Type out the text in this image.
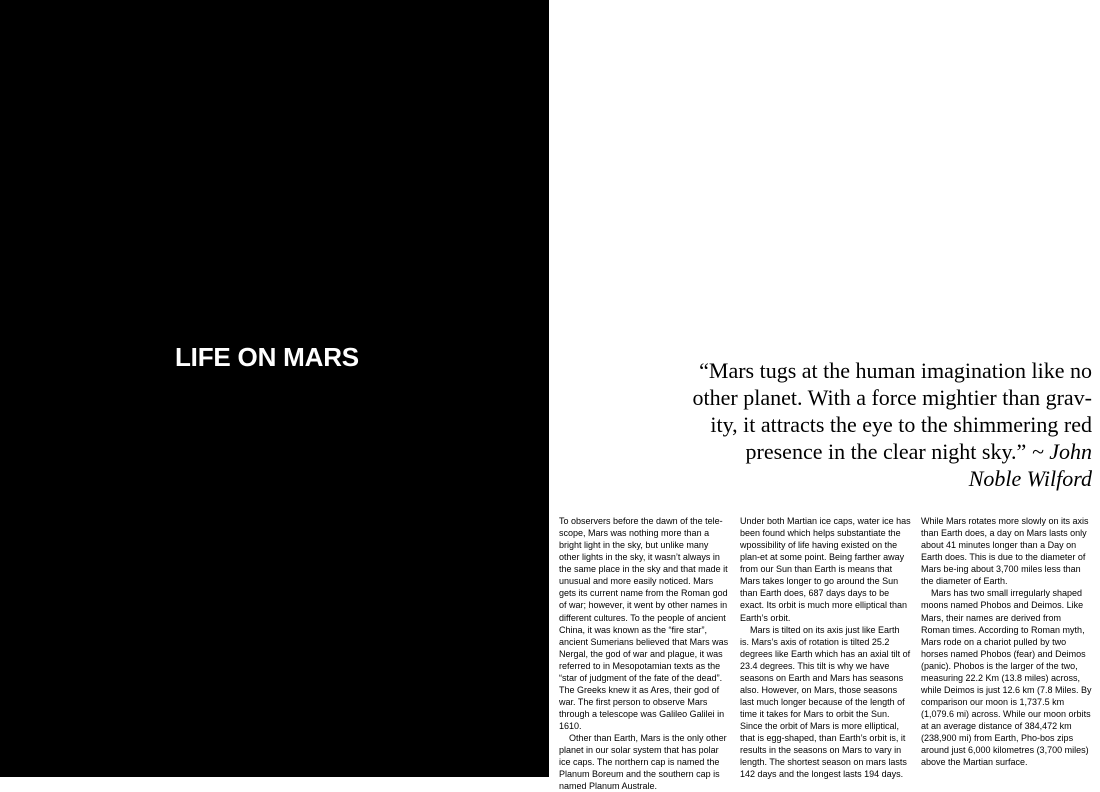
LIFE ON MARS	“Mars tugs at the human imagination like no other planet. With a force mightier than grav-ity, it attracts the eye to the shimmering red presence in the clear night sky.” ~ John Noble Wilford

To observers before the dawn of the tele-scope, Mars was nothing more than a bright light in the sky, but unlike many other lights in the sky, it wasn’t always in the same place in the sky and that made it unusual and more easily noticed. Mars gets its current name from the Roman god of war; however, it went by other names in different cultures. To the people of ancient China, it was known as the “fire star”, ancient Sumerians believed that Mars was Nergal, the god of war and plague, it was referred to in Mesopotamian texts as the “star of judgment of the fate of the dead”. The Greeks knew it as Ares, their god of war. The first person to observe Mars through a telescope was Galileo Galilei in 1610.

Other than Earth, Mars is the only other planet in our solar system that has polar ice caps. The northern cap is named the Planum Boreum and the southern cap is named Planum Australe.

Under both Martian ice caps, water ice has been found which helps substantiate the wpossibility of life having existed on the plan-et at some point. Being farther away from our Sun than Earth is means that Mars takes longer to go around the Sun than Earth does, 687 days days to be exact. Its orbit is much more elliptical than Earth’s orbit.

Mars is tilted on its axis just like Earth is. Mars’s axis of rotation is tilted 25.2 degrees like Earth which has an axial tilt of 23.4 degrees. This tilt is why we have seasons on Earth and Mars has seasons also. However, on Mars, those seasons last much longer because of the length of time it takes for Mars to orbit the Sun. Since the orbit of Mars is more elliptical, that is egg-shaped, than Earth’s orbit is, it results in the seasons on Mars to vary in length. The shortest season on mars lasts 142 days and the longest lasts 194 days.

While Mars rotates more slowly on its axis than Earth does, a day on Mars lasts only about 41 minutes longer than a Day on Earth does. This is due to the diameter of Mars be-ing about 3,700 miles less than the diameter of Earth.

Mars has two small irregularly shaped moons named Phobos and Deimos. Like Mars, their names are derived from Roman times. According to Roman myth, Mars rode on a chariot pulled by two horses named Phobos (fear) and Deimos (panic). Phobos is the larger of the two, measuring 22.2 Km (13.8 miles) across, while Deimos is just 12.6 km (7.8 Miles. By comparison our moon is 1,737.5 km (1,079.6 mi) across. While our moon orbits at an average distance of 384,472 km (238,900 mi) from Earth, Pho-bos zips around just 6,000 kilometres (3,700 miles) above the Martian surface.
